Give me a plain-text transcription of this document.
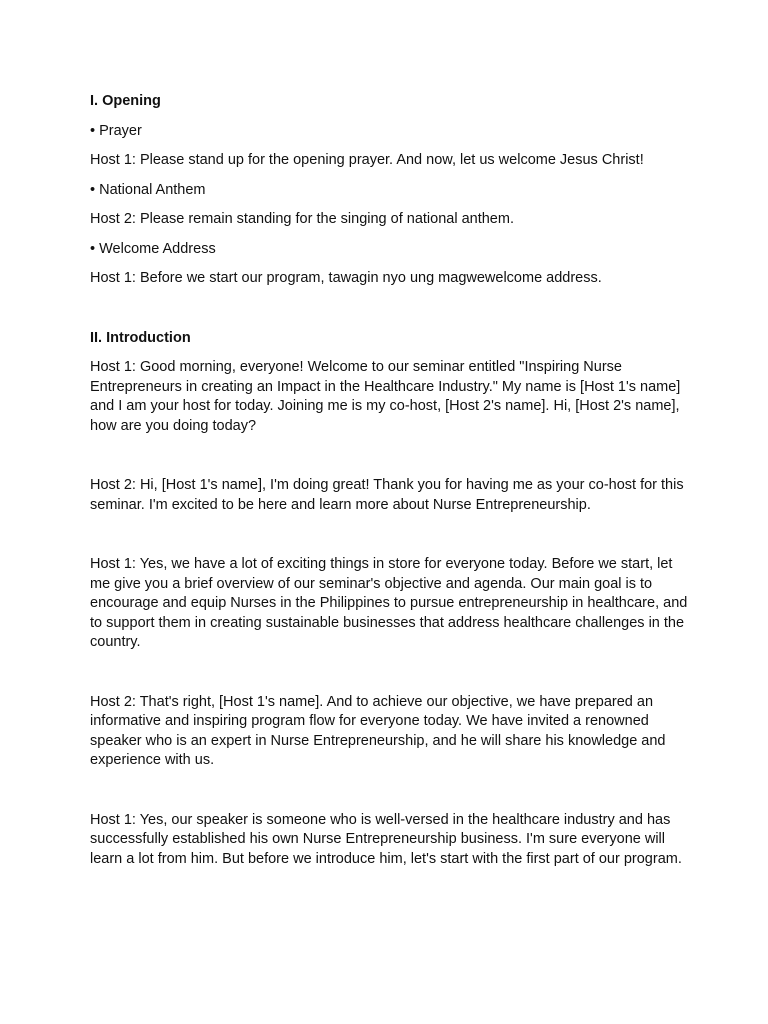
I. Opening

• Prayer

Host 1: Please stand up for the opening prayer. And now, let us welcome Jesus Christ!

• National Anthem

Host 2: Please remain standing for the singing of national anthem.

• Welcome Address

Host 1: Before we start our program, tawagin nyo ung magwewelcome address.

II. Introduction

Host 1: Good morning, everyone! Welcome to our seminar entitled "Inspiring Nurse Entrepreneurs in creating an Impact in the Healthcare Industry." My name is [Host 1's name] and I am your host for today. Joining me is my co-host, [Host 2's name]. Hi, [Host 2's name], how are you doing today?

Host 2: Hi, [Host 1's name], I'm doing great! Thank you for having me as your co-host for this seminar. I'm excited to be here and learn more about Nurse Entrepreneurship.

Host 1: Yes, we have a lot of exciting things in store for everyone today. Before we start, let me give you a brief overview of our seminar's objective and agenda. Our main goal is to encourage and equip Nurses in the Philippines to pursue entrepreneurship in healthcare, and to support them in creating sustainable businesses that address healthcare challenges in the country.

Host 2: That's right, [Host 1's name]. And to achieve our objective, we have prepared an informative and inspiring program flow for everyone today. We have invited a renowned speaker who is an expert in Nurse Entrepreneurship, and he will share his knowledge and experience with us.

Host 1: Yes, our speaker is someone who is well-versed in the healthcare industry and has successfully established his own Nurse Entrepreneurship business. I'm sure everyone will learn a lot from him. But before we introduce him, let's start with the first part of our program.
